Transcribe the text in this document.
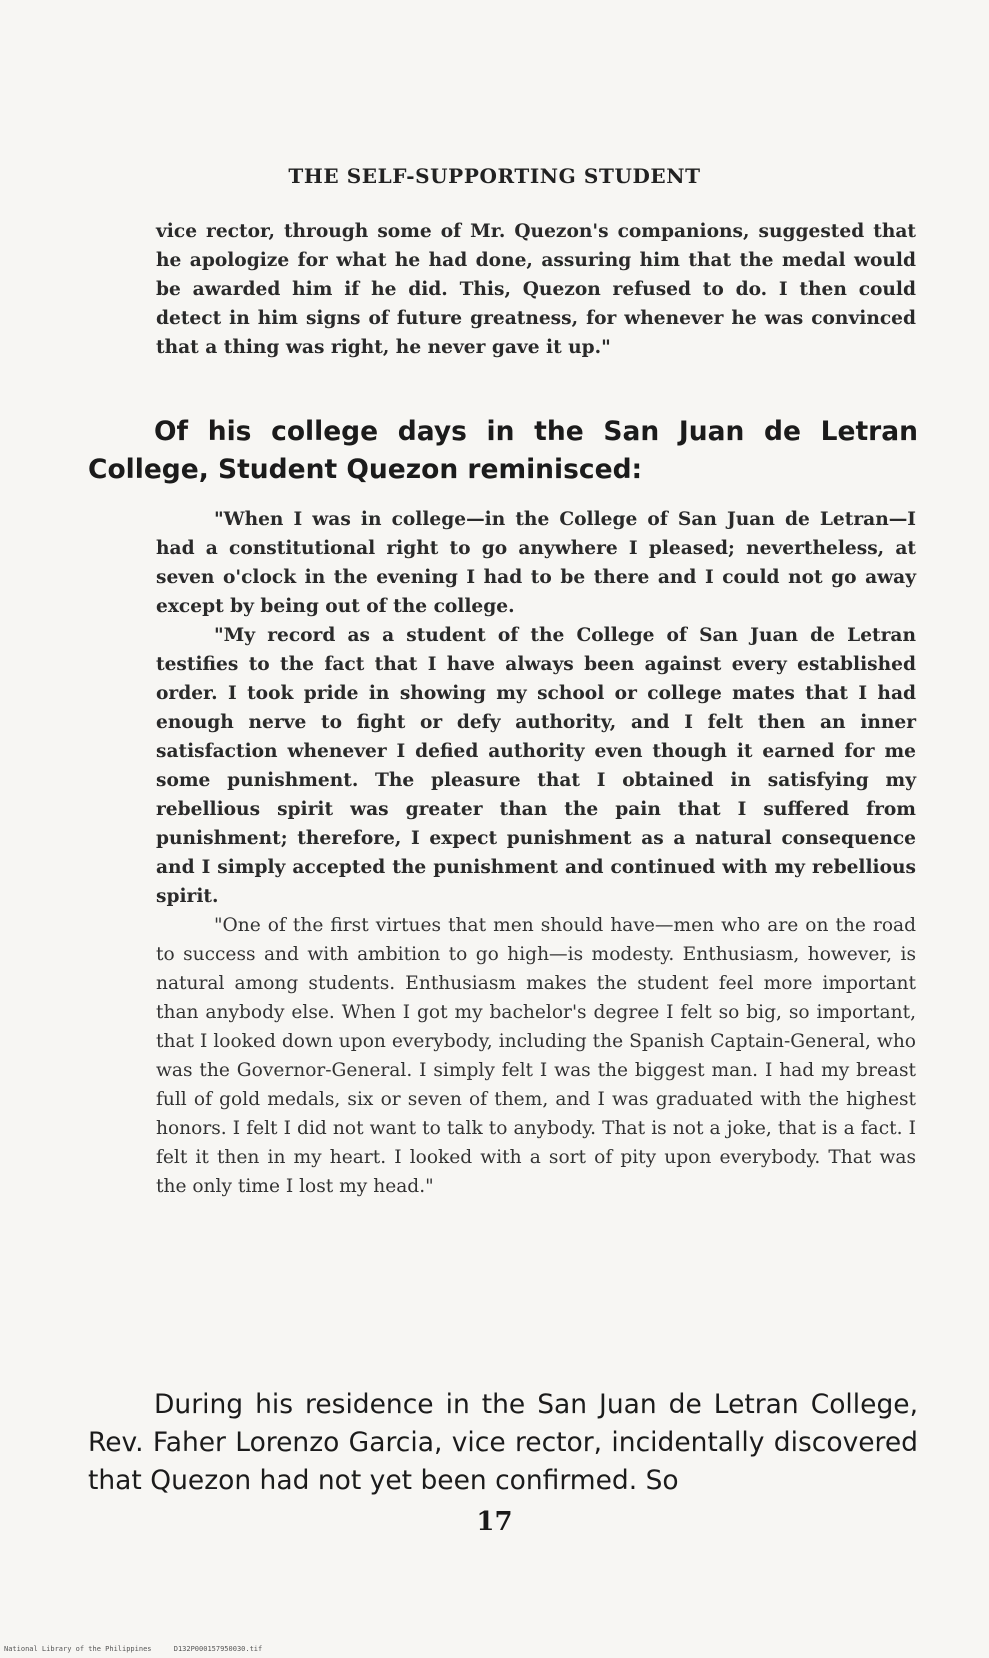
THE SELF-SUPPORTING STUDENT

vice rector, through some of Mr. Quezon's companions, suggested that he apologize for what he had done, assuring him that the medal would be awarded him if he did. This, Quezon refused to do. I then could detect in him signs of future greatness, for whenever he was convinced that a thing was right, he never gave it up."

Of his college days in the San Juan de Letran College, Student Quezon reminisced:

"When I was in college—in the College of San Juan de Letran—I had a constitutional right to go anywhere I pleased; nevertheless, at seven o'clock in the evening I had to be there and I could not go away except by being out of the college.

"My record as a student of the College of San Juan de Letran testifies to the fact that I have always been against every established order. I took pride in showing my school or college mates that I had enough nerve to fight or defy authority, and I felt then an inner satisfaction whenever I defied authority even though it earned for me some punishment. The pleasure that I obtained in satisfying my rebellious spirit was greater than the pain that I suffered from punishment; therefore, I expect punishment as a natural consequence and I simply accepted the punishment and continued with my rebellious spirit.

"One of the first virtues that men should have—men who are on the road to success and with ambition to go high—is modesty. Enthusiasm, however, is natural among students. Enthusiasm makes the student feel more important than anybody else. When I got my bachelor's degree I felt so big, so important, that I looked down upon everybody, including the Spanish Captain-General, who was the Governor-General. I simply felt I was the biggest man. I had my breast full of gold medals, six or seven of them, and I was graduated with the highest honors. I felt I did not want to talk to anybody. That is not a joke, that is a fact. I felt it then in my heart. I looked with a sort of pity upon everybody. That was the only time I lost my head."

During his residence in the San Juan de Letran College, Rev. Faher Lorenzo Garcia, vice rector, incidentally discovered that Quezon had not yet been confirmed. So
17
National Library of the Philippines	D132P000157950030.tif
